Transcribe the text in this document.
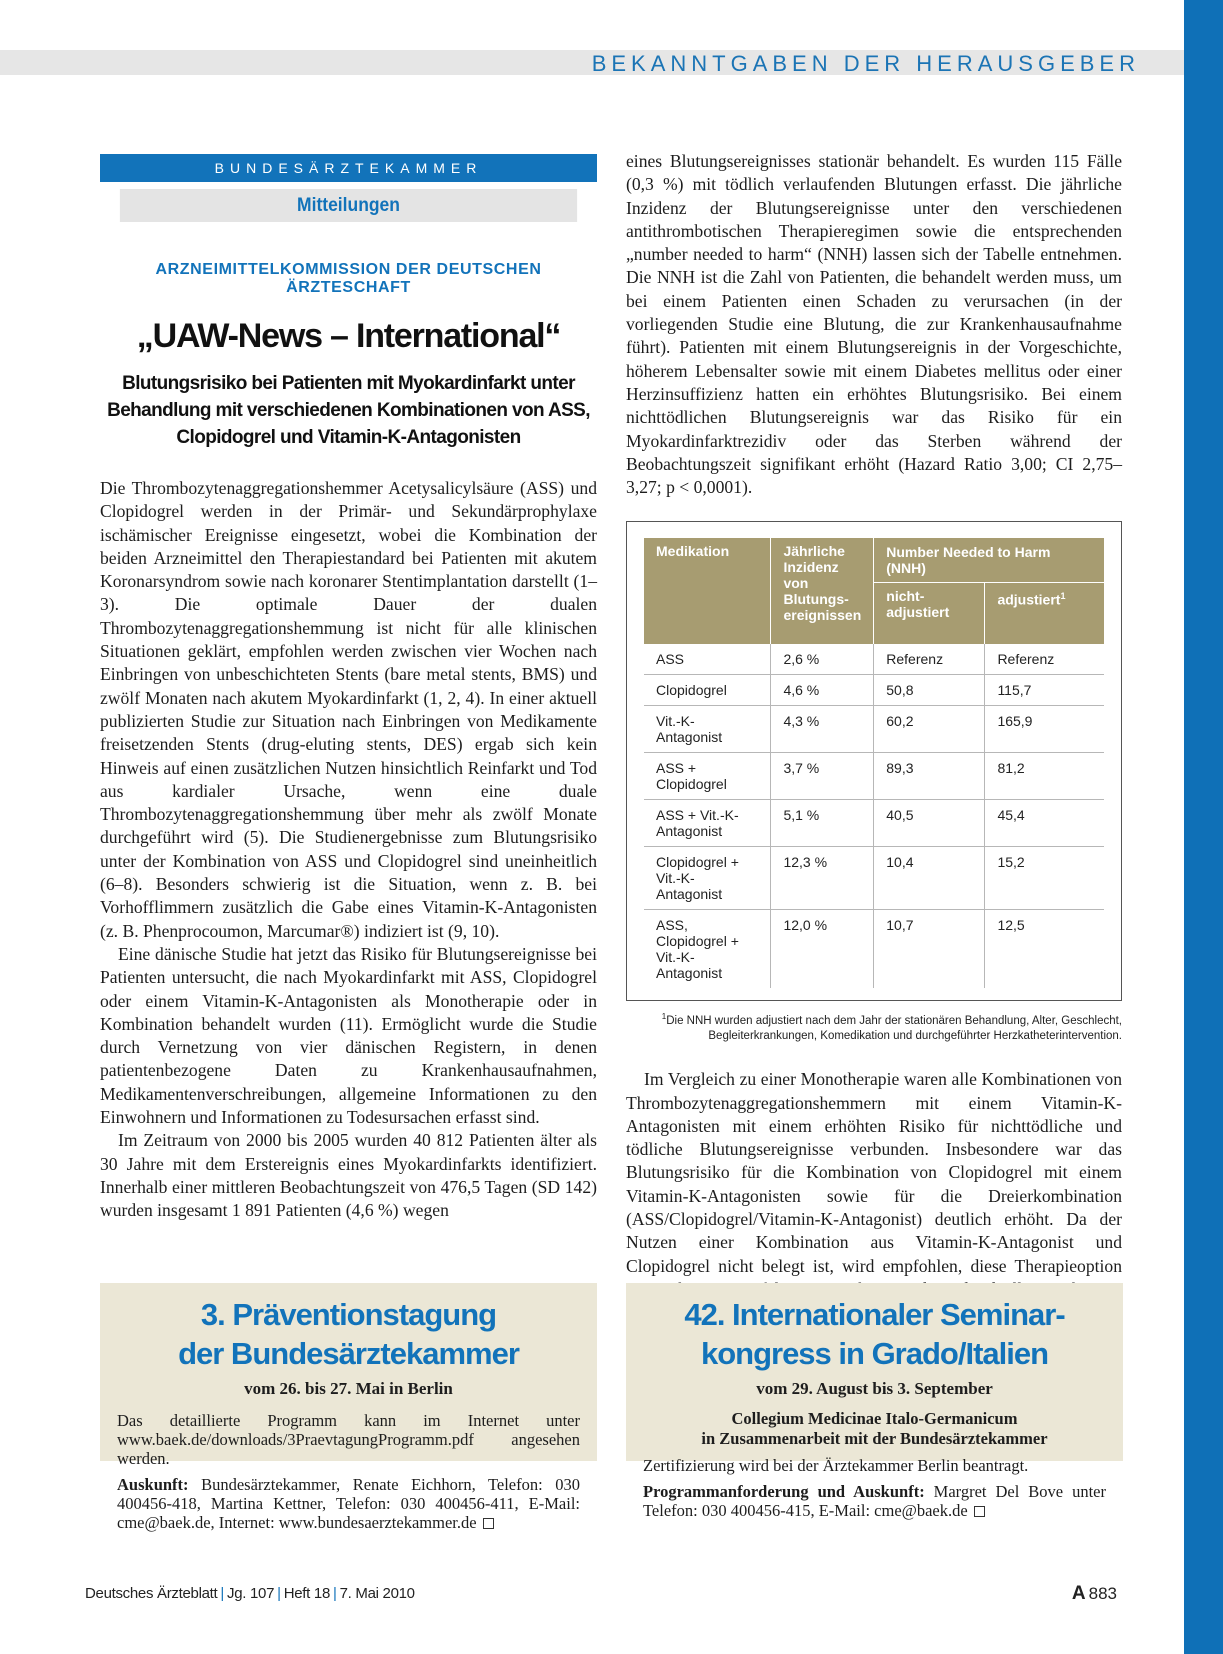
BEKANNTGABEN DER HERAUSGEBER
BUNDESÄRZTEKAMMER
Mitteilungen
ARZNEIMITTELKOMMISSION DER DEUTSCHEN ÄRZTESCHAFT
„UAW-News – International“
Blutungsrisiko bei Patienten mit Myokardinfarkt unter
Behandlung mit verschiedenen Kombinationen von ASS,
Clopidogrel und Vitamin-K-Antagonisten

Die Thrombozytenaggregationshemmer Acetysalicylsäure (ASS) und Clopidogrel werden in der Primär- und Sekundärprophylaxe ischämischer Ereignisse eingesetzt, wobei die Kombination der beiden Arzneimittel den Therapiestandard bei Patienten mit akutem Koronarsyndrom sowie nach koronarer Stentimplantation darstellt (1–3). Die optimale Dauer der dualen Thrombozytenaggregationshemmung ist nicht für alle klinischen Situationen geklärt, empfohlen werden zwischen vier Wochen nach Einbringen von unbeschichteten Stents (bare metal stents, BMS) und zwölf Monaten nach akutem Myokardinfarkt (1, 2, 4). In einer aktuell publizierten Studie zur Situation nach Einbringen von Medikamente freisetzenden Stents (drug-eluting stents, DES) ergab sich kein Hinweis auf einen zusätzlichen Nutzen hinsichtlich Reinfarkt und Tod aus kardialer Ursache, wenn eine duale Thrombozytenaggregationshemmung über mehr als zwölf Monate durchgeführt wird (5). Die Studienergebnisse zum Blutungsrisiko unter der Kombination von ASS und Clopidogrel sind uneinheitlich (6–8). Besonders schwierig ist die Situation, wenn z. B. bei Vorhofflimmern zusätzlich die Gabe eines Vitamin-K-Antagonisten (z. B. Phenprocoumon, Marcumar®) indiziert ist (9, 10).

Eine dänische Studie hat jetzt das Risiko für Blutungsereignisse bei Patienten untersucht, die nach Myokardinfarkt mit ASS, Clopidogrel oder einem Vitamin-K-Antagonisten als Monotherapie oder in Kombination behandelt wurden (11). Ermöglicht wurde die Studie durch Vernetzung von vier dänischen Registern, in denen patientenbezogene Daten zu Krankenhausaufnahmen, Medikamentenverschreibungen, allgemeine Informationen zu den Einwohnern und Informationen zu Todesursachen erfasst sind.

Im Zeitraum von 2000 bis 2005 wurden 40 812 Patienten älter als 30 Jahre mit dem Erstereignis eines Myokardinfarkts identifiziert. Innerhalb einer mittleren Beobachtungszeit von 476,5 Tagen (SD 142) wurden insgesamt 1 891 Patienten (4,6 %) wegen

eines Blutungsereignisses stationär behandelt. Es wurden 115 Fälle (0,3 %) mit tödlich verlaufenden Blutungen erfasst. Die jährliche Inzidenz der Blutungsereignisse unter den verschiedenen antithrombotischen Therapieregimen sowie die entsprechenden „number needed to harm“ (NNH) lassen sich der Tabelle entnehmen. Die NNH ist die Zahl von Patienten, die behandelt werden muss, um bei einem Patienten einen Schaden zu verursachen (in der vorliegenden Studie eine Blutung, die zur Krankenhausaufnahme führt). Patienten mit einem Blutungsereignis in der Vorgeschichte, höherem Lebensalter sowie mit einem Diabetes mellitus oder einer Herzinsuffizienz hatten ein erhöhtes Blutungsrisiko. Bei einem nichttödlichen Blutungsereignis war das Risiko für ein Myokardinfarktrezidiv oder das Sterben während der Beobachtungszeit signifikant erhöht (Hazard Ratio 3,00; CI 2,75–3,27; p < 0,0001).

Medikation	Jährliche Inzidenz von Blutungs-ereignissen	Number Needed to Harm (NNH)	
		nicht-adjustiert	adjustiert$^1$
ASS	2,6 %	Referenz	Referenz
Clopidogrel	4,6 %	50,8	115,7
Vit.-K-Antagonist	4,3 %	60,2	165,9
ASS + Clopidogrel	3,7 %	89,3	81,2
ASS + Vit.-K-Antagonist	5,1 %	40,5	45,4
Clopidogrel + Vit.-K-Antagonist	12,3 %	10,4	15,2
ASS, Clopidogrel + Vit.-K-Antagonist	12,0 %	10,7	12,5
$^1$Die NNH wurden adjustiert nach dem Jahr der stationären Behandlung, Alter, Geschlecht, Begleiterkrankungen, Komedikation und durchgeführter Herzkatheterintervention.

Im Vergleich zu einer Monotherapie waren alle Kombinationen von Thrombozytenaggregationshemmern mit einem Vitamin-K-Antagonisten mit einem erhöhten Risiko für nichttödliche und tödliche Blutungsereignisse verbunden. Insbesondere war das Blutungsrisiko für die Kombination von Clopidogrel mit einem Vitamin-K-Antagonisten sowie für die Dreierkombination (ASS/Clopidogrel/Vitamin-K-Antagonist) deutlich erhöht. Da der Nutzen einer Kombination aus Vitamin-K-Antagonist und Clopidogrel nicht belegt ist, wird empfohlen, diese Therapieoption

3. Präventionstagung
der Bundesärztekammer
vom 26. bis 27. Mai in Berlin
Das detaillierte Programm kann im Internet unter www.baek.de/downloads/3PraevtagungProgramm.pdf angesehen werden.
Auskunft: Bundesärztekammer, Renate Eichhorn, Telefon: 030 400456-418, Martina Kettner, Telefon: 030 400456-411, E-Mail: cme@baek.de, Internet: www.bundesaerztekammer.de
42. Internationaler Seminar-
kongress in Grado/Italien
vom 29. August bis 3. September
Collegium Medicinae Italo-Germanicum
in Zusammenarbeit mit der Bundesärztekammer
Zertifizierung wird bei der Ärztekammer Berlin beantragt.
Programmanforderung und Auskunft: Margret Del Bove unter Telefon: 030 400456-415, E-Mail: cme@baek.de
Deutsches Ärzteblatt | Jg. 107 | Heft 18 | 7. Mai 2010	A 883
